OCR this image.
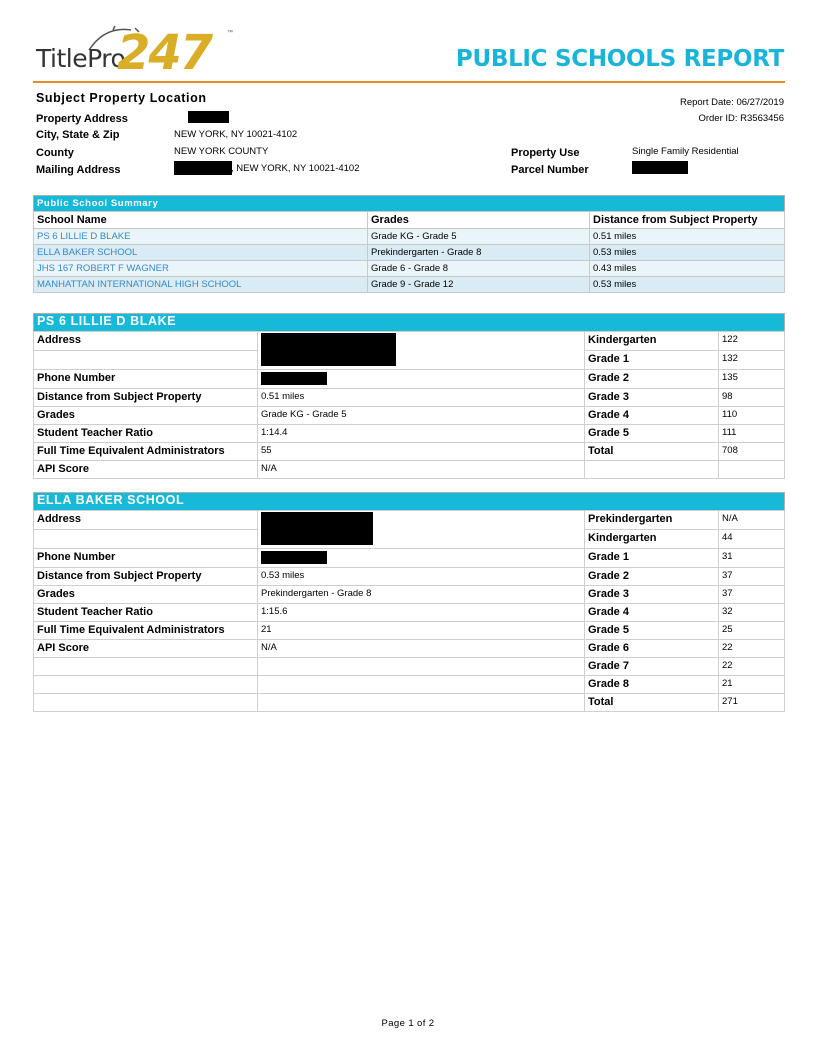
TitlePro
247	™
PUBLIC SCHOOLS REPORT
Subject Property Location	Report Date: 06/27/2019
Order ID: R3563456
Property Address
City, State & Zip	NEW YORK, NY 10021-4102
County	NEW YORK COUNTY
Mailing Address	, NEW YORK, NY 10021-4102
Property Use	Single Family Residential
Parcel Number
Public School Summary		
School Name	Grades	Distance from Subject Property
PS 6 LILLIE D BLAKE	Grade KG - Grade 5	0.51 miles
ELLA BAKER SCHOOL	Prekindergarten - Grade 8	0.53 miles
JHS 167 ROBERT F WAGNER	Grade 6 - Grade 8	0.43 miles
MANHATTAN INTERNATIONAL HIGH SCHOOL	Grade 9 - Grade 12	0.53 miles
PS 6 LILLIE D BLAKE			
Address		Kindergarten	122
		Grade 1	132
Phone Number		Grade 2	135
Distance from Subject Property	0.51 miles	Grade 3	98
Grades	Grade KG - Grade 5	Grade 4	110
Student Teacher Ratio	1:14.4	Grade 5	111
Full Time Equivalent Administrators	55	Total	708
API Score	N/A		
ELLA BAKER SCHOOL			
Address		Prekindergarten	N/A
		Kindergarten	44
Phone Number		Grade 1	31
Distance from Subject Property	0.53 miles	Grade 2	37
Grades	Prekindergarten - Grade 8	Grade 3	37
Student Teacher Ratio	1:15.6	Grade 4	32
Full Time Equivalent Administrators	21	Grade 5	25
API Score	N/A	Grade 6	22
		Grade 7	22
		Grade 8	21
		Total	271
Page 1 of 2
